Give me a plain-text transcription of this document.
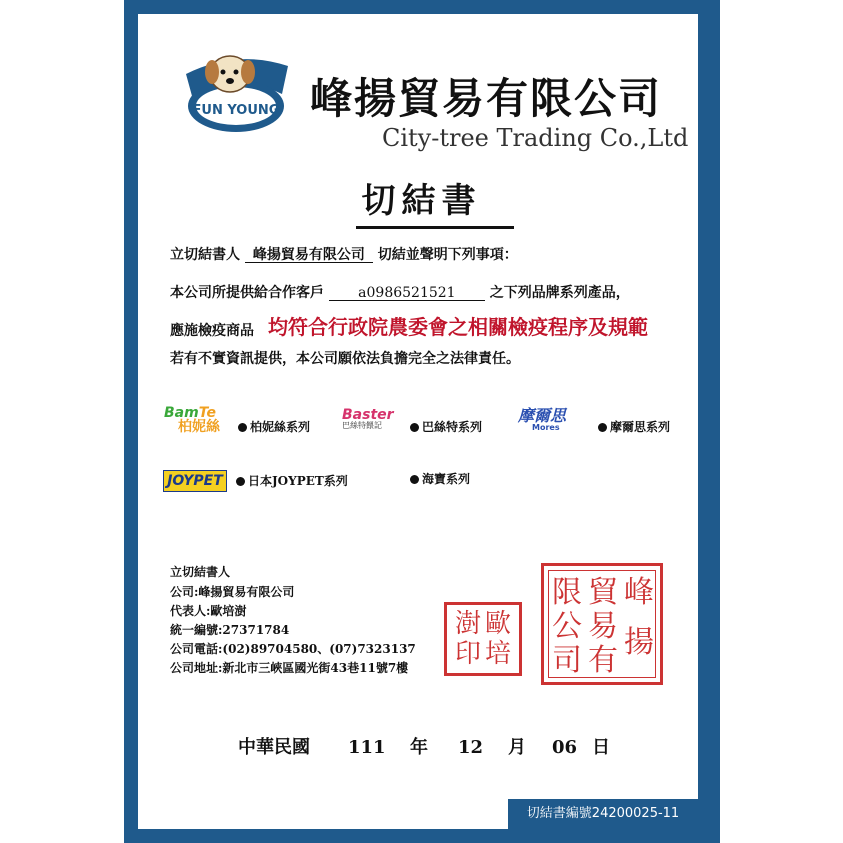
FUN YOUNG 峰揚貿易有限公司
City-tree Trading Co.,Ltd
切結書
立切結書人 峰揚貿易有限公司 切結並聲明下列事項：
本公司所提供給合作客戶 a0986521521 之下列品牌系列產品，
應施檢疫商品 均符合行政院農委會之相關檢疫程序及規範
若有不實資訊提供，本公司願依法負擔完全之法律責任。
BamTe
柏妮絲	柏妮絲系列
Baster
巴絲特餵記	巴絲特系列
摩爾思
Mores	摩爾思系列
JOYPET	日本JOYPET系列	海寶系列
立切結書人
公司:峰揚貿易有限公司
代表人:歐培澍
統一編號:27371784
公司電話:(02)89704580、(07)7323137
公司地址:新北市三峽區國光街43巷11號7樓
歐
培
澍
印
峰
揚
貿
易
有
限
公
司
中華民國 111 年 12 月 06 日
切結書編號24200025-11
